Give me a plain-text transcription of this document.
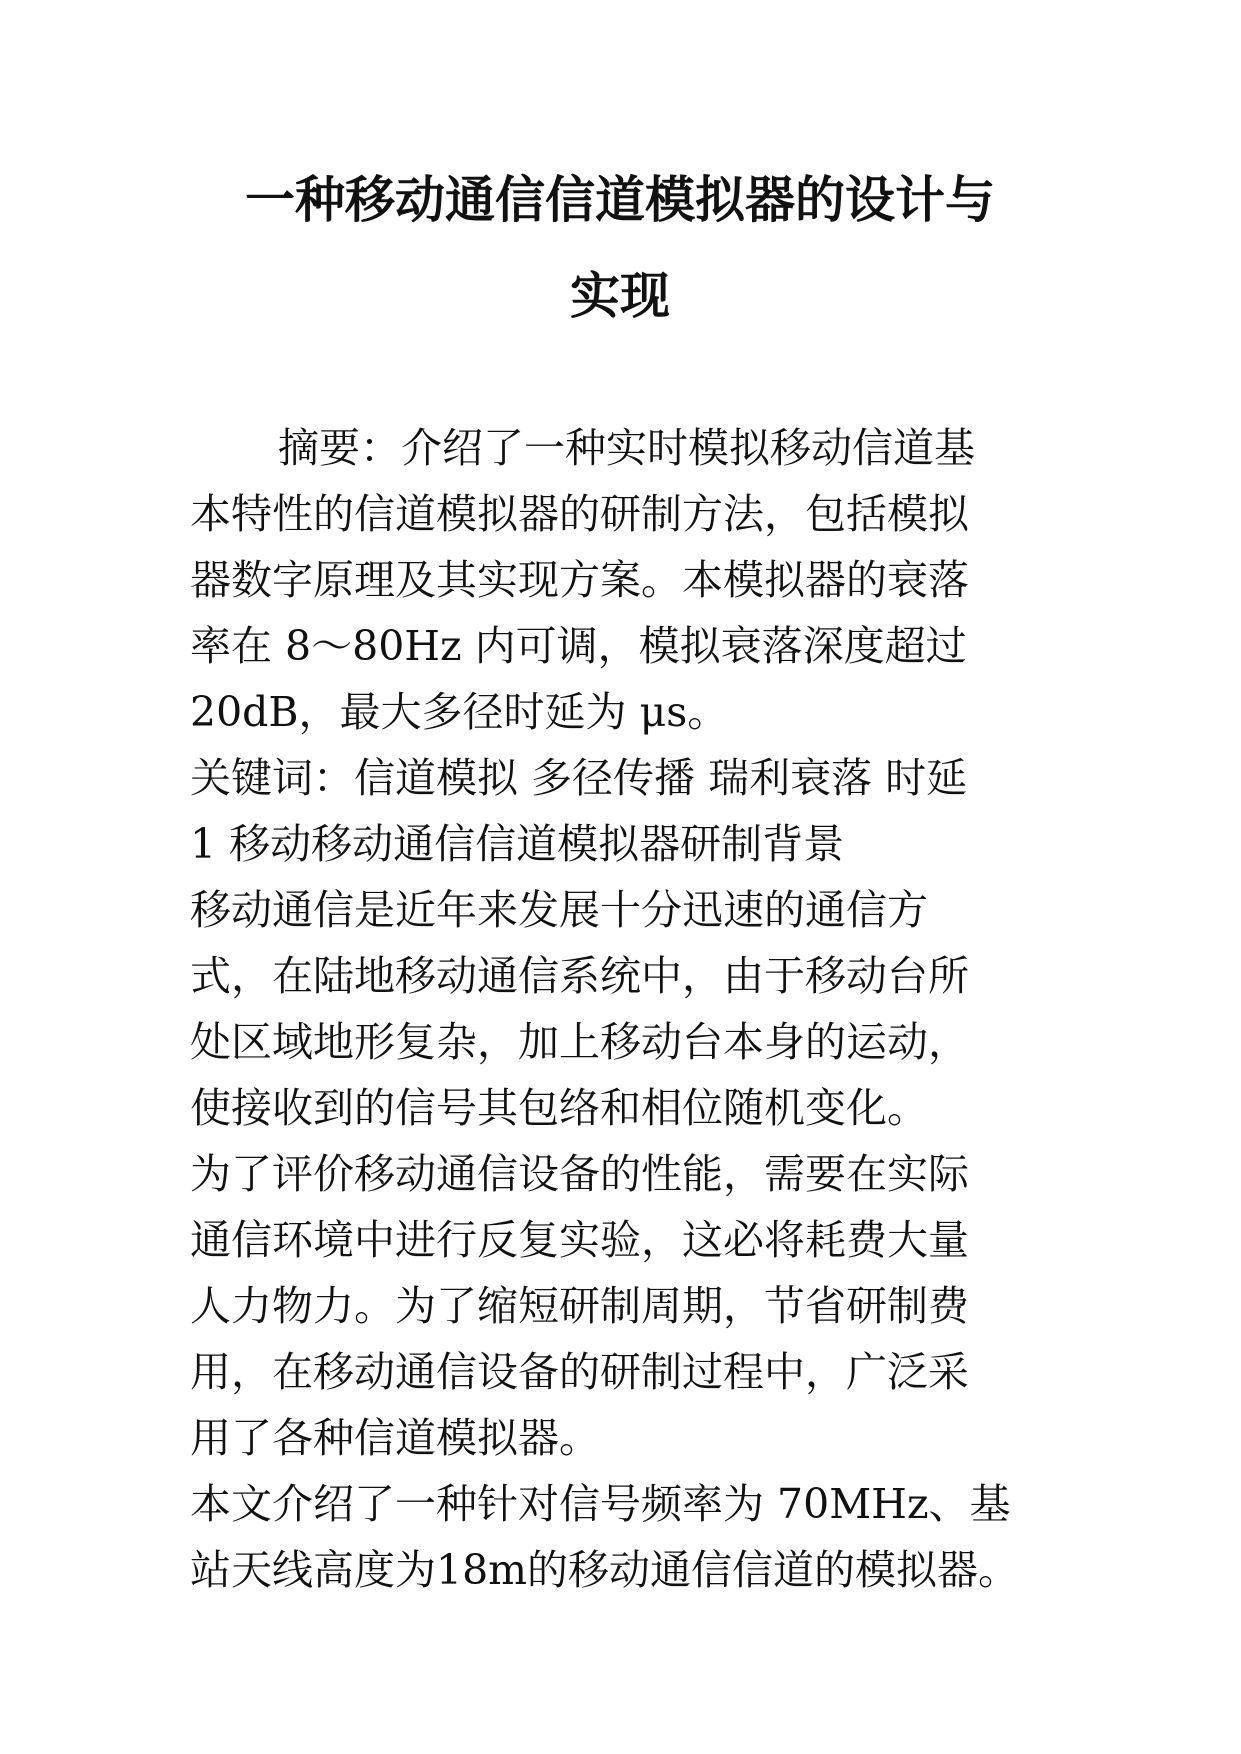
一种移动通信信道模拟器的设计与
实现
摘要：介绍了一种实时模拟移动信道基
本特性的信道模拟器的研制方法，包括模拟
器数字原理及其实现方案。本模拟器的衰落
率在 8～80Hz 内可调，模拟衰落深度超过
20dB，最大多径时延为 μs。
关键词：信道模拟 多径传播 瑞利衰落 时延
1 移动移动通信信道模拟器研制背景
移动通信是近年来发展十分迅速的通信方
式，在陆地移动通信系统中，由于移动台所
处区域地形复杂，加上移动台本身的运动，
使接收到的信号其包络和相位随机变化。
为了评价移动通信设备的性能，需要在实际
通信环境中进行反复实验，这必将耗费大量
人力物力。为了缩短研制周期，节省研制费
用，在移动通信设备的研制过程中，广泛采
用了各种信道模拟器。
本文介绍了一种针对信号频率为 70MHz、基
站天线高度为18m的移动通信信道的模拟器。
